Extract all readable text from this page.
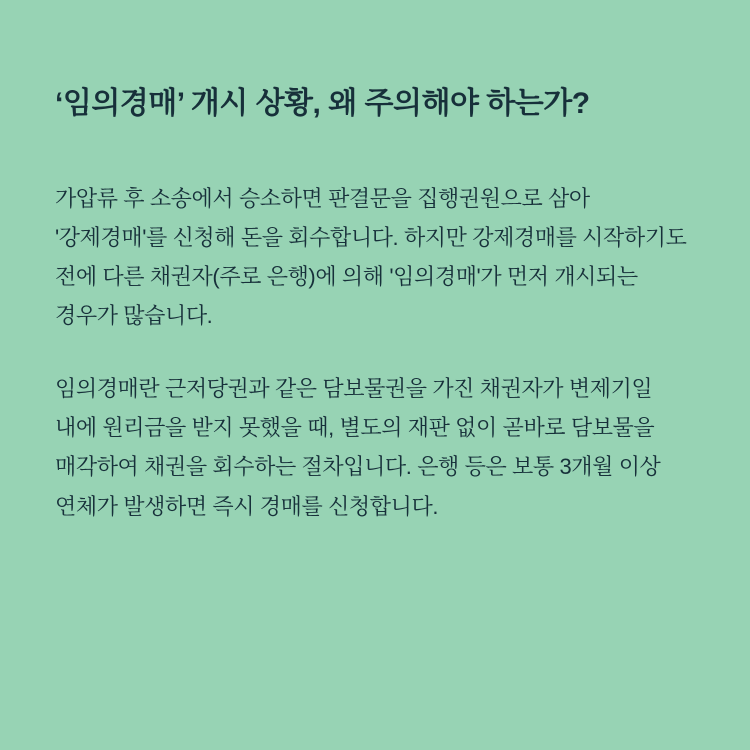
‘임의경매’ 개시 상황, 왜 주의해야 하는가?

가압류 후 소송에서 승소하면 판결문을 집행권원으로 삼아 '강제경매'를 신청해 돈을 회수합니다. 하지만 강제경매를 시작하기도 전에 다른 채권자(주로 은행)에 의해 '임의경매'가 먼저 개시되는 경우가 많습니다.

임의경매란 근저당권과 같은 담보물권을 가진 채권자가 변제기일 내에 원리금을 받지 못했을 때, 별도의 재판 없이 곧바로 담보물을 매각하여 채권을 회수하는 절차입니다. 은행 등은 보통 3개월 이상 연체가 발생하면 즉시 경매를 신청합니다.
